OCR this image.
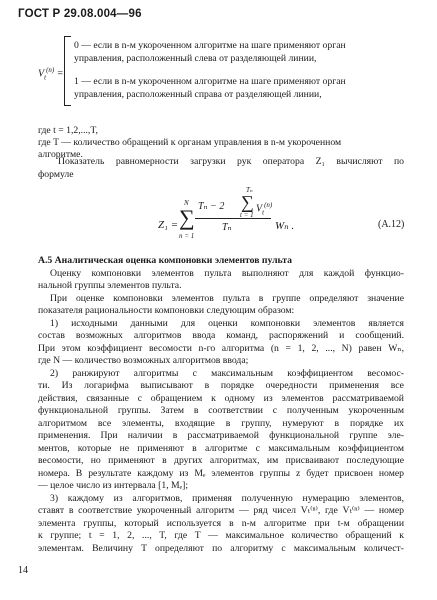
ГОСТ Р 29.08.004—96
$V_t^{(n)}$ =
0 — если в n-м укороченном алгоритме на шаге применяют орган
управления, расположенный слева от разделяющей линии,
1 — если в n-м укороченном алгоритме на шаге применяют орган
управления, расположенный справа от разделяющей линии,
где t = 1,2,...,T,
где T — количество обращений к органам управления в n-м укороченном
алгоритме.
Показатель равномерности загрузки рук оператора Z₁ вычисляют по
формуле
Z₁ =
N
∑
n = 1
Tₙ − 2
Tₙ
∑
t = 1
$V_t^{(n)}$
Tₙ	Wₙ .	(A.12)
А.5 Аналитическая оценка компоновки элементов пульта
Оценку компоновки элементов пульта выполняют для каждой функцио-
нальной группы элементов пульта.
При оценке компоновки элементов пульта в группе определяют значение
показателя рациональности компоновки следующим образом:
1) исходными данными для оценки компоновки элементов является
состав возможных алгоритмов ввода команд, распоряжений и сообщений.
При этом коэффициент весомости n-го алгоритма (n = 1, 2, ..., N) равен Wₙ,
где N — количество возможных алгоритмов ввода;
2) ранжируют алгоритмы с максимальным коэффициентом весомос-
ти. Из логарифма выписывают в порядке очередности применения все
действия, связанные с обращением к одному из элементов рассматриваемой
функциональной группы. Затем в соответствии с полученным укороченным
алгоритмом все элементы, входящие в группу, нумеруют в порядке их
применения. При наличии в рассматриваемой функциональной группе эле-
ментов, которые не применяют в алгоритме с максимальным коэффициентом
весомости, но применяют в других алгоритмах, им присваивают последующие
номера. В результате каждому из Mₑ элементов группы z будет присвоен номер
— целое число из интервала [1, Mₑ];
3) каждому из алгоритмов, применяя полученную нумерацию элементов,
ставят в соответствие укороченный алгоритм — ряд чисел Vₜ⁽ⁿ⁾, где Vₜ⁽ⁿ⁾ — номер
элемента группы, который используется в n-м алгоритме при t-м обращении
к группе; t = 1, 2, ..., T, где T — максимальное количество обращений к
элементам. Величину T определяют по алгоритму с максимальным количест-
14
